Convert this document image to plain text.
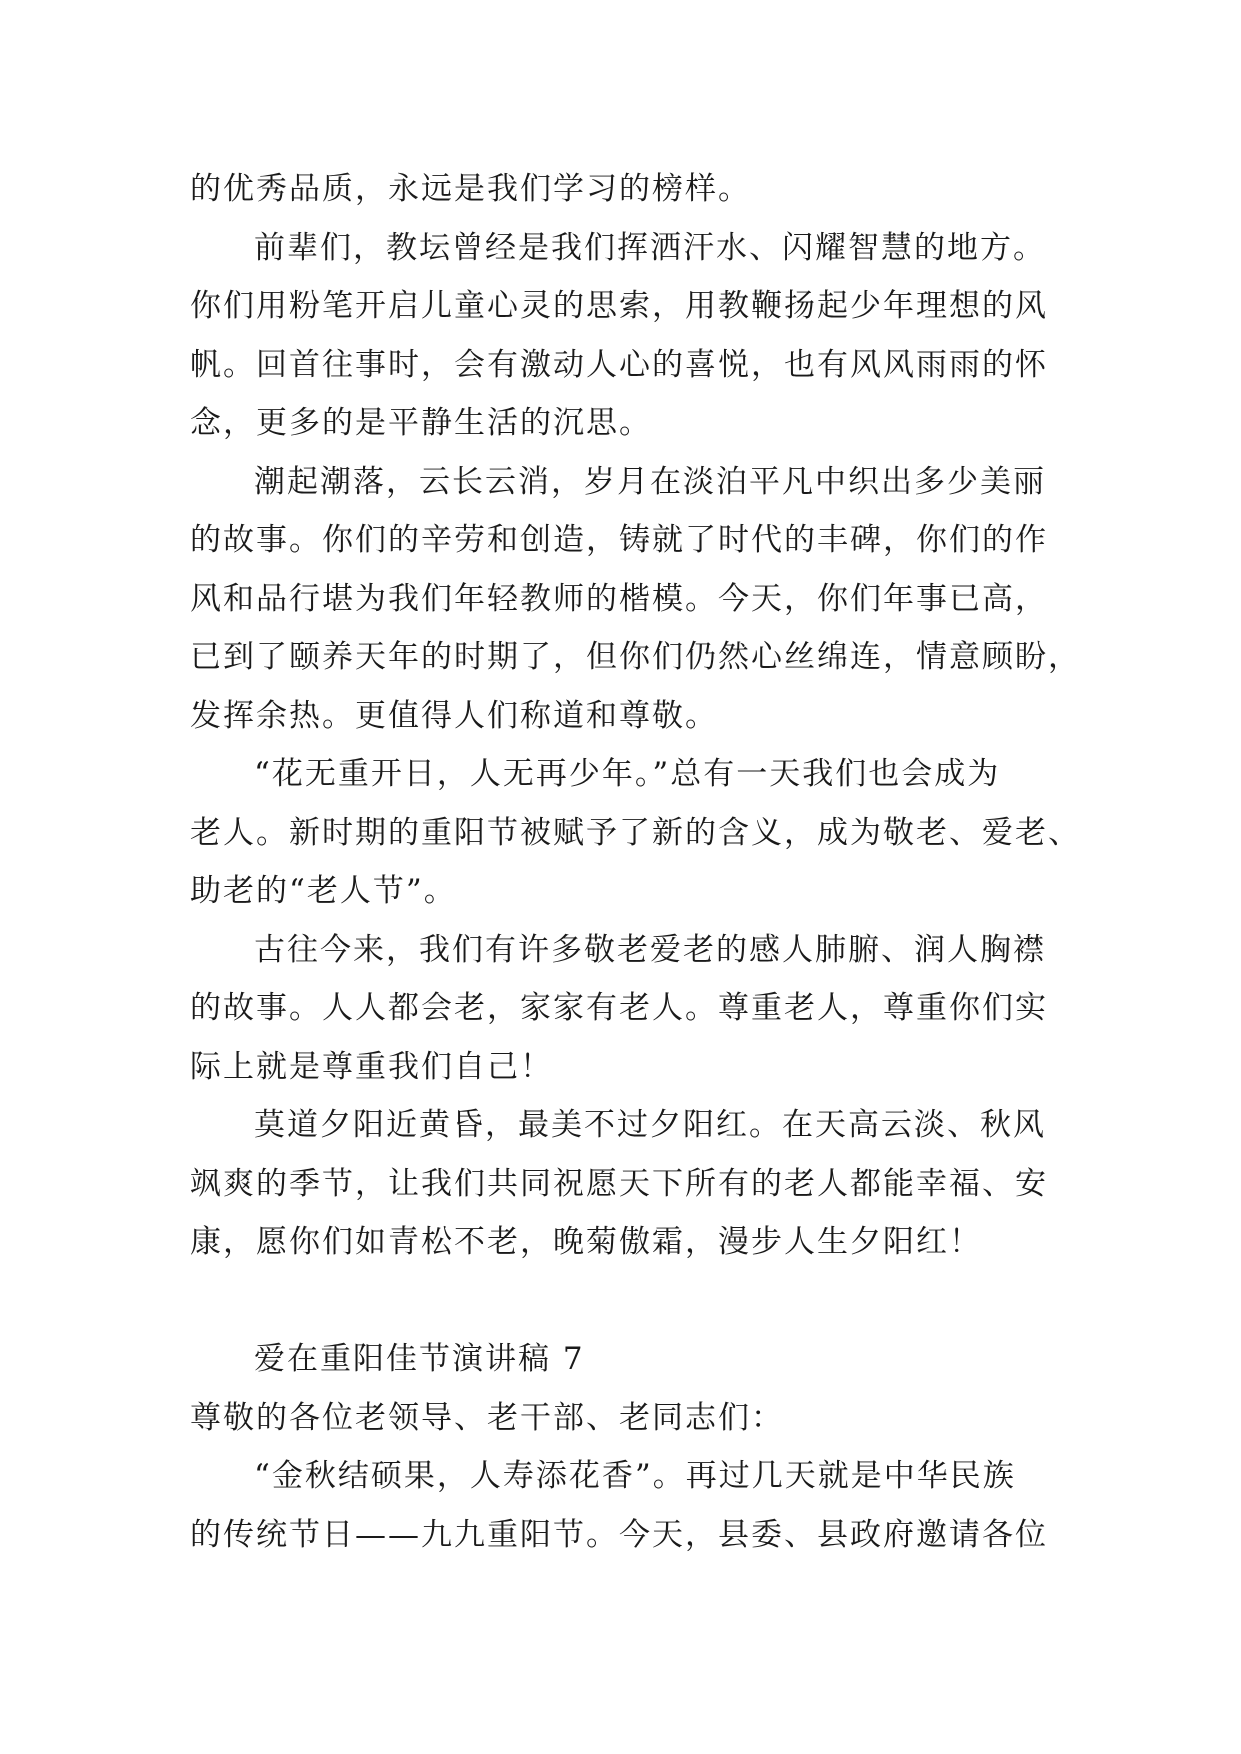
的优秀品质，永远是我们学习的榜样。
前辈们，教坛曾经是我们挥洒汗水、闪耀智慧的地方。
你们用粉笔开启儿童心灵的思索，用教鞭扬起少年理想的风
帆。回首往事时，会有激动人心的喜悦，也有风风雨雨的怀
念，更多的是平静生活的沉思。
潮起潮落，云长云消，岁月在淡泊平凡中织出多少美丽
的故事。你们的辛劳和创造，铸就了时代的丰碑，你们的作
风和品行堪为我们年轻教师的楷模。今天，你们年事已高，
已到了颐养天年的时期了，但你们仍然心丝绵连，情意顾盼，
发挥余热。更值得人们称道和尊敬。
“花无重开日，人无再少年。”总有一天我们也会成为
老人。新时期的重阳节被赋予了新的含义，成为敬老、爱老、
助老的“老人节”。
古往今来，我们有许多敬老爱老的感人肺腑、润人胸襟
的故事。人人都会老，家家有老人。尊重老人，尊重你们实
际上就是尊重我们自己！
莫道夕阳近黄昏，最美不过夕阳红。在天高云淡、秋风
飒爽的季节，让我们共同祝愿天下所有的老人都能幸福、安
康，愿你们如青松不老，晚菊傲霜，漫步人生夕阳红！
爱在重阳佳节演讲稿 7
尊敬的各位老领导、老干部、老同志们：
“金秋结硕果，人寿添花香”。再过几天就是中华民族
的传统节日——九九重阳节。今天，县委、县政府邀请各位
